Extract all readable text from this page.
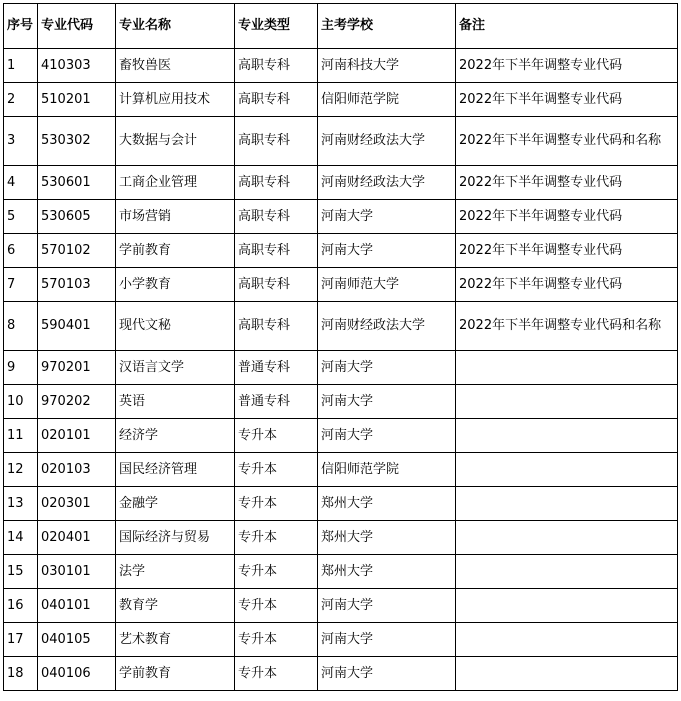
序号	专业代码	专业名称	专业类型	主考学校	备注
1	410303	畜牧兽医	高职专科	河南科技大学	2022年下半年调整专业代码
2	510201	计算机应用技术	高职专科	信阳师范学院	2022年下半年调整专业代码
3	530302	大数据与会计	高职专科	河南财经政法大学	2022年下半年调整专业代码和名称
4	530601	工商企业管理	高职专科	河南财经政法大学	2022年下半年调整专业代码
5	530605	市场营销	高职专科	河南大学	2022年下半年调整专业代码
6	570102	学前教育	高职专科	河南大学	2022年下半年调整专业代码
7	570103	小学教育	高职专科	河南师范大学	2022年下半年调整专业代码
8	590401	现代文秘	高职专科	河南财经政法大学	2022年下半年调整专业代码和名称
9	970201	汉语言文学	普通专科	河南大学	
10	970202	英语	普通专科	河南大学	
11	020101	经济学	专升本	河南大学	
12	020103	国民经济管理	专升本	信阳师范学院	
13	020301	金融学	专升本	郑州大学	
14	020401	国际经济与贸易	专升本	郑州大学	
15	030101	法学	专升本	郑州大学	
16	040101	教育学	专升本	河南大学	
17	040105	艺术教育	专升本	河南大学	
18	040106	学前教育	专升本	河南大学	
